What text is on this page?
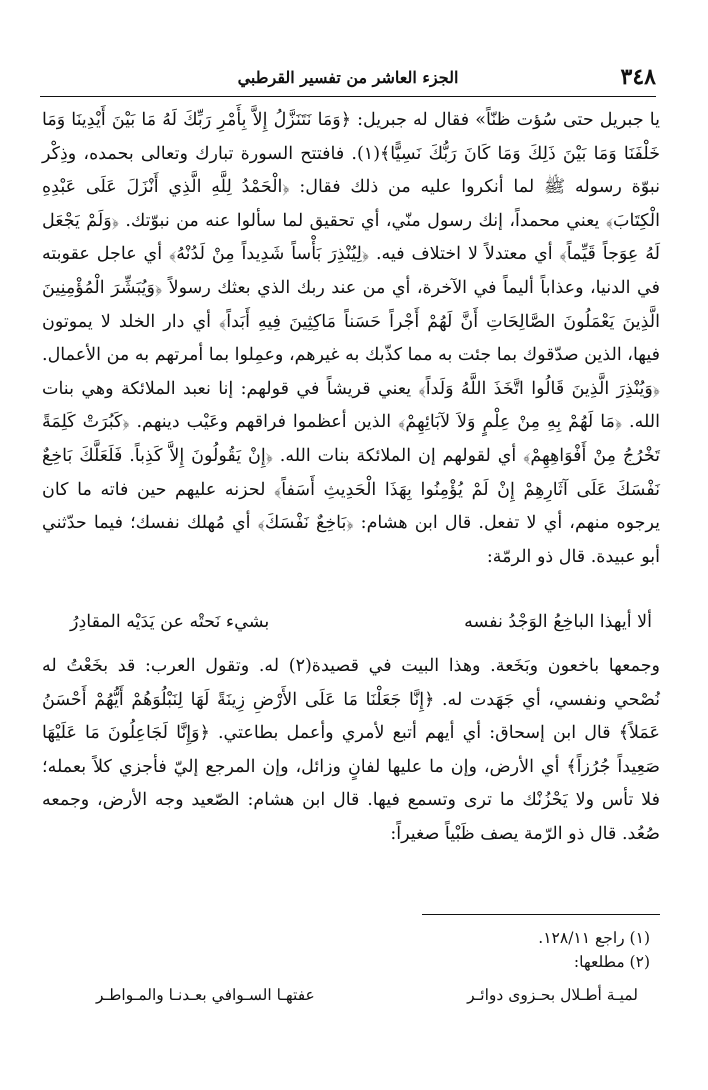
٣٤٨
الجزء العاشر من تفسير القرطبي

يا جبريل حتى سُؤت ظنّاً» فقال له جبريل: ﴿وَمَا نَتَنَزَّلُ إِلاَّ بِأَمْرِ رَبِّكَ لَهُ مَا بَيْنَ أَيْدِينَا وَمَا خَلْفَنَا وَمَا بَيْنَ ذَلِكَ وَمَا كَانَ رَبُّكَ نَسِيًّا﴾(١). فافتتح السورة تبارك وتعالى بحمده، وذِكْر نبوّة رسوله ﷺ لما أنكروا عليه من ذلك فقال: ﴿الْحَمْدُ لِلَّهِ الَّذِي أَنْزَلَ عَلَى عَبْدِهِ الْكِتَابَ﴾ يعني محمداً، إنك رسول منّي، أي تحقيق لما سألوا عنه من نبوّتك. ﴿وَلَمْ يَجْعَل لَهُ عِوَجاً قَيِّماً﴾ أي معتدلاً لا اختلاف فيه. ﴿لِيُنْذِرَ بَأْساً شَدِيداً مِنْ لَدُنْهُ﴾ أي عاجل عقوبته في الدنيا، وعذاباً أليماً في الآخرة، أي من عند ربك الذي بعثك رسولاً ﴿وَيُبَشِّرَ الْمُؤْمِنِينَ الَّذِينَ يَعْمَلُونَ الصَّالِحَاتِ أَنَّ لَهُمْ أَجْراً حَسَناً مَاكِثِينَ فِيهِ أَبَداً﴾ أي دار الخلد لا يموتون فيها، الذين صدّقوك بما جئت به مما كذّبك به غيرهم، وعمِلوا بما أمرتهم به من الأعمال. ﴿وَيُنْذِرَ الَّذِينَ قَالُوا اتَّخَذَ اللَّهُ وَلَداً﴾ يعني قريشاً في قولهم: إنا نعبد الملائكة وهي بنات الله. ﴿مَا لَهُمْ بِهِ مِنْ عِلْمٍ وَلاَ لآبَائِهِمْ﴾ الذين أعظموا فراقهم وعَيْب دينهم. ﴿كَبُرَتْ كَلِمَةً تَخْرُجُ مِنْ أَفْوَاهِهِمْ﴾ أي لقولهم إن الملائكة بنات الله. ﴿إِنْ يَقُولُونَ إِلاَّ كَذِباً. فَلَعَلَّكَ بَاخِعٌ نَفْسَكَ عَلَى آثَارِهِمْ إِنْ لَمْ يُؤْمِنُوا بِهَذَا الْحَدِيثِ أَسَفاً﴾ لحزنه عليهم حين فاته ما كان يرجوه منهم، أي لا تفعل. قال ابن هشام: ﴿بَاخِعٌ نَفْسَكَ﴾ أي مُهلك نفسك؛ فيما حدّثني أبو عبيدة. قال ذو الرمّة:

ألا أيهذا الباخِعُ الوَجْدُ نفسه
بشيء نَحتْه عن يَدَيْه المقادِرُ

وجمعها باخعون وبَخَعة. وهذا البيت في قصيدة(٢) له. وتقول العرب: قد بخَعْتُ له نُصْحي ونفسي، أي جَهَدت له. ﴿إِنَّا جَعَلْنَا مَا عَلَى الأَرْضِ زِينَةً لَهَا لِنَبْلُوَهُمْ أَيُّهُمْ أَحْسَنُ عَمَلاً﴾ قال ابن إسحاق: أي أيهم أتبع لأمري وأعمل بطاعتي. ﴿وَإِنَّا لَجَاعِلُونَ مَا عَلَيْهَا صَعِيداً جُرُزاً﴾ أي الأرض، وإن ما عليها لفانٍ وزائل، وإن المرجع إليّ فأجزي كلاً بعمله؛ فلا تأس ولا يَحْزُنْك ما ترى وتسمع فيها. قال ابن هشام: الصّعيد وجه الأرض، وجمعه صُعُد. قال ذو الرّمة يصف ظَبْياً صغيراً:

(١) راجع ١٢٨/١١.
(٢) مطلعها:
لميـة أطـلال بحـزوى دوائـر
عفتهـا السـوافي بعـدنـا والمـواطـر
